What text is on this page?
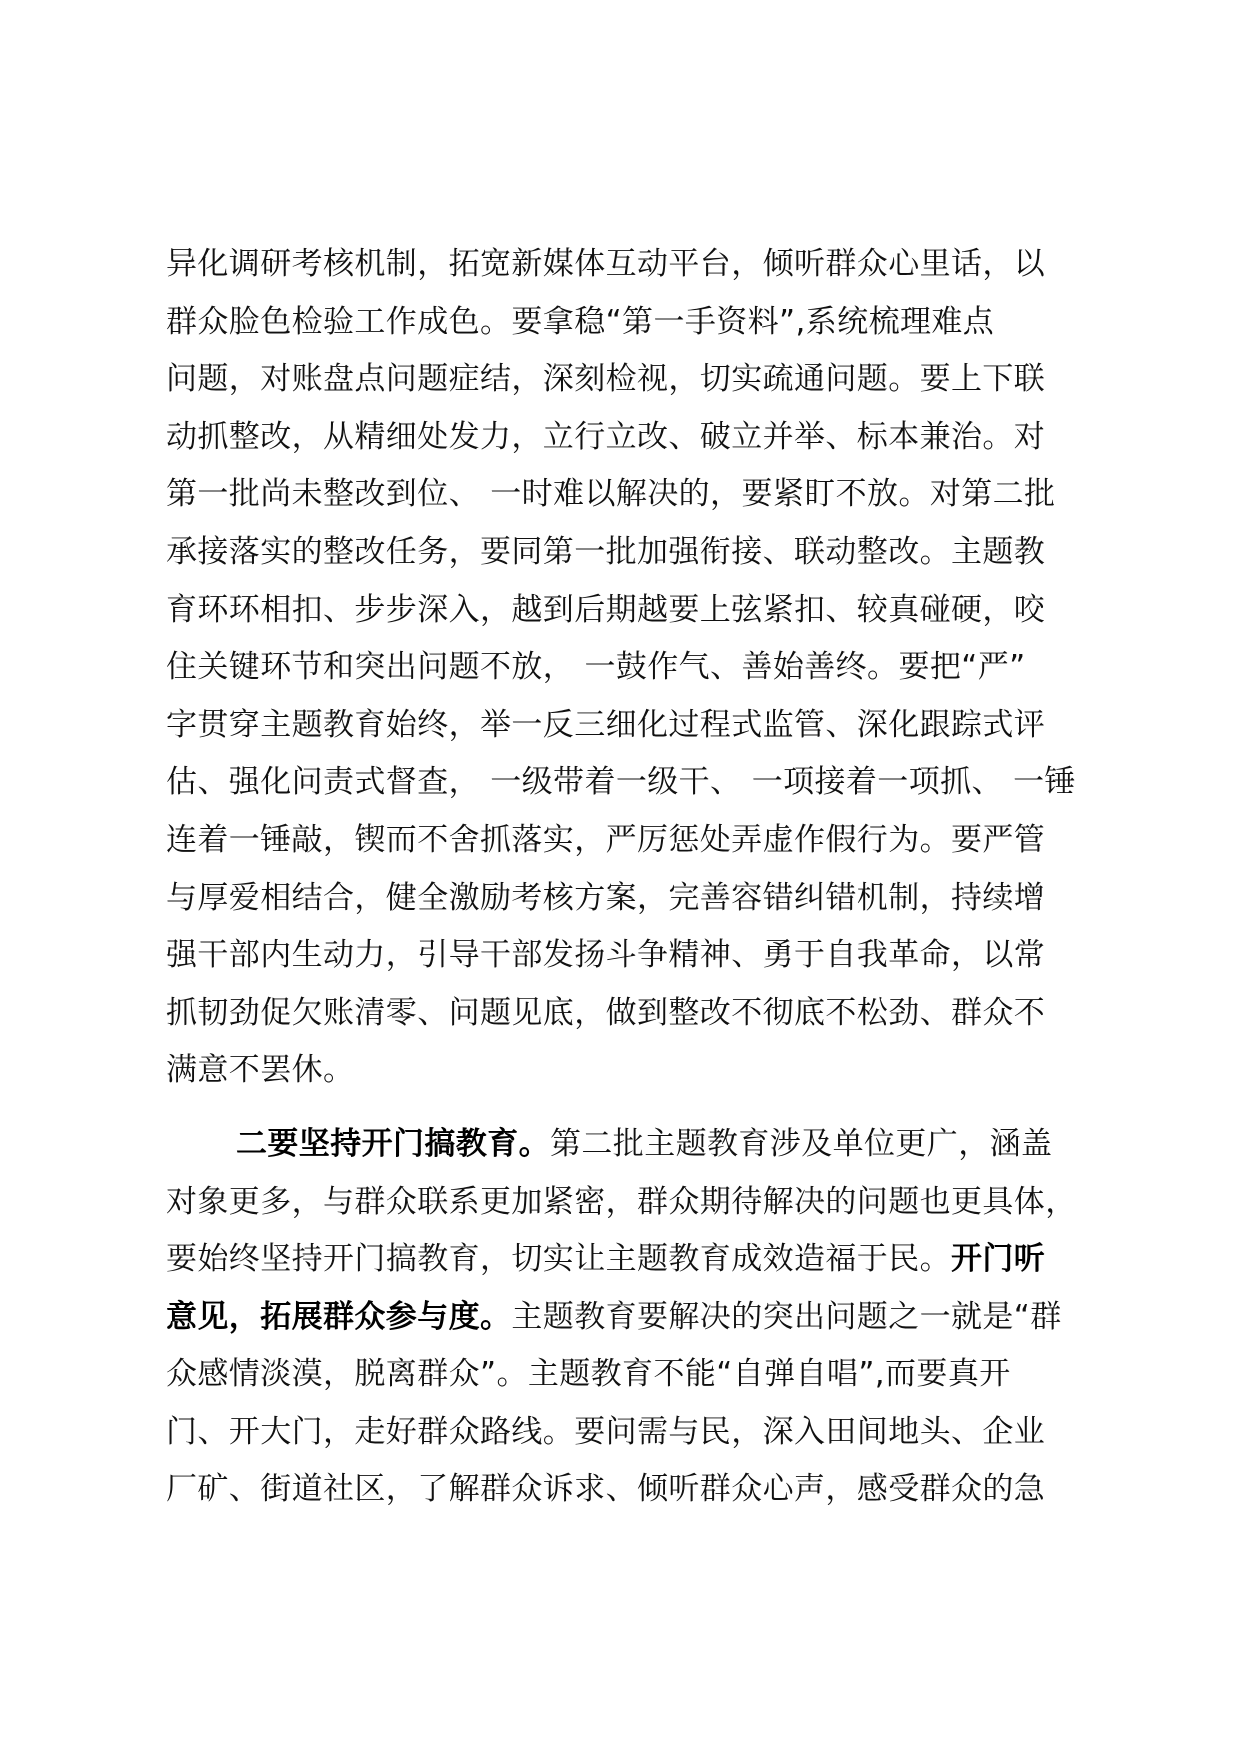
异化调研考核机制，拓宽新媒体互动平台，倾听群众心里话，以
群众脸色检验工作成色。要拿稳“第一手资料”,系统梳理难点
问题，对账盘点问题症结，深刻检视，切实疏通问题。要上下联
动抓整改，从精细处发力，立行立改、破立并举、标本兼治。对
第一批尚未整改到位、 一时难以解决的，要紧盯不放。对第二批
承接落实的整改任务，要同第一批加强衔接、联动整改。主题教
育环环相扣、步步深入，越到后期越要上弦紧扣、较真碰硬，咬
住关键环节和突出问题不放， 一鼓作气、善始善终。要把“严”
字贯穿主题教育始终，举一反三细化过程式监管、深化跟踪式评
估、强化问责式督查， 一级带着一级干、 一项接着一项抓、 一锤
连着一锤敲，锲而不舍抓落实，严厉惩处弄虚作假行为。要严管
与厚爱相结合，健全激励考核方案，完善容错纠错机制，持续增
强干部内生动力，引导干部发扬斗争精神、勇于自我革命，以常
抓韧劲促欠账清零、问题见底，做到整改不彻底不松劲、群众不
满意不罢休。
二要坚持开门搞教育。第二批主题教育涉及单位更广，涵盖
对象更多，与群众联系更加紧密，群众期待解决的问题也更具体，
要始终坚持开门搞教育，切实让主题教育成效造福于民。开门听
意见，拓展群众参与度。主题教育要解决的突出问题之一就是“群
众感情淡漠，脱离群众”。主题教育不能“自弹自唱”,而要真开
门、开大门，走好群众路线。要问需与民，深入田间地头、企业
厂矿、街道社区，了解群众诉求、倾听群众心声，感受群众的急
